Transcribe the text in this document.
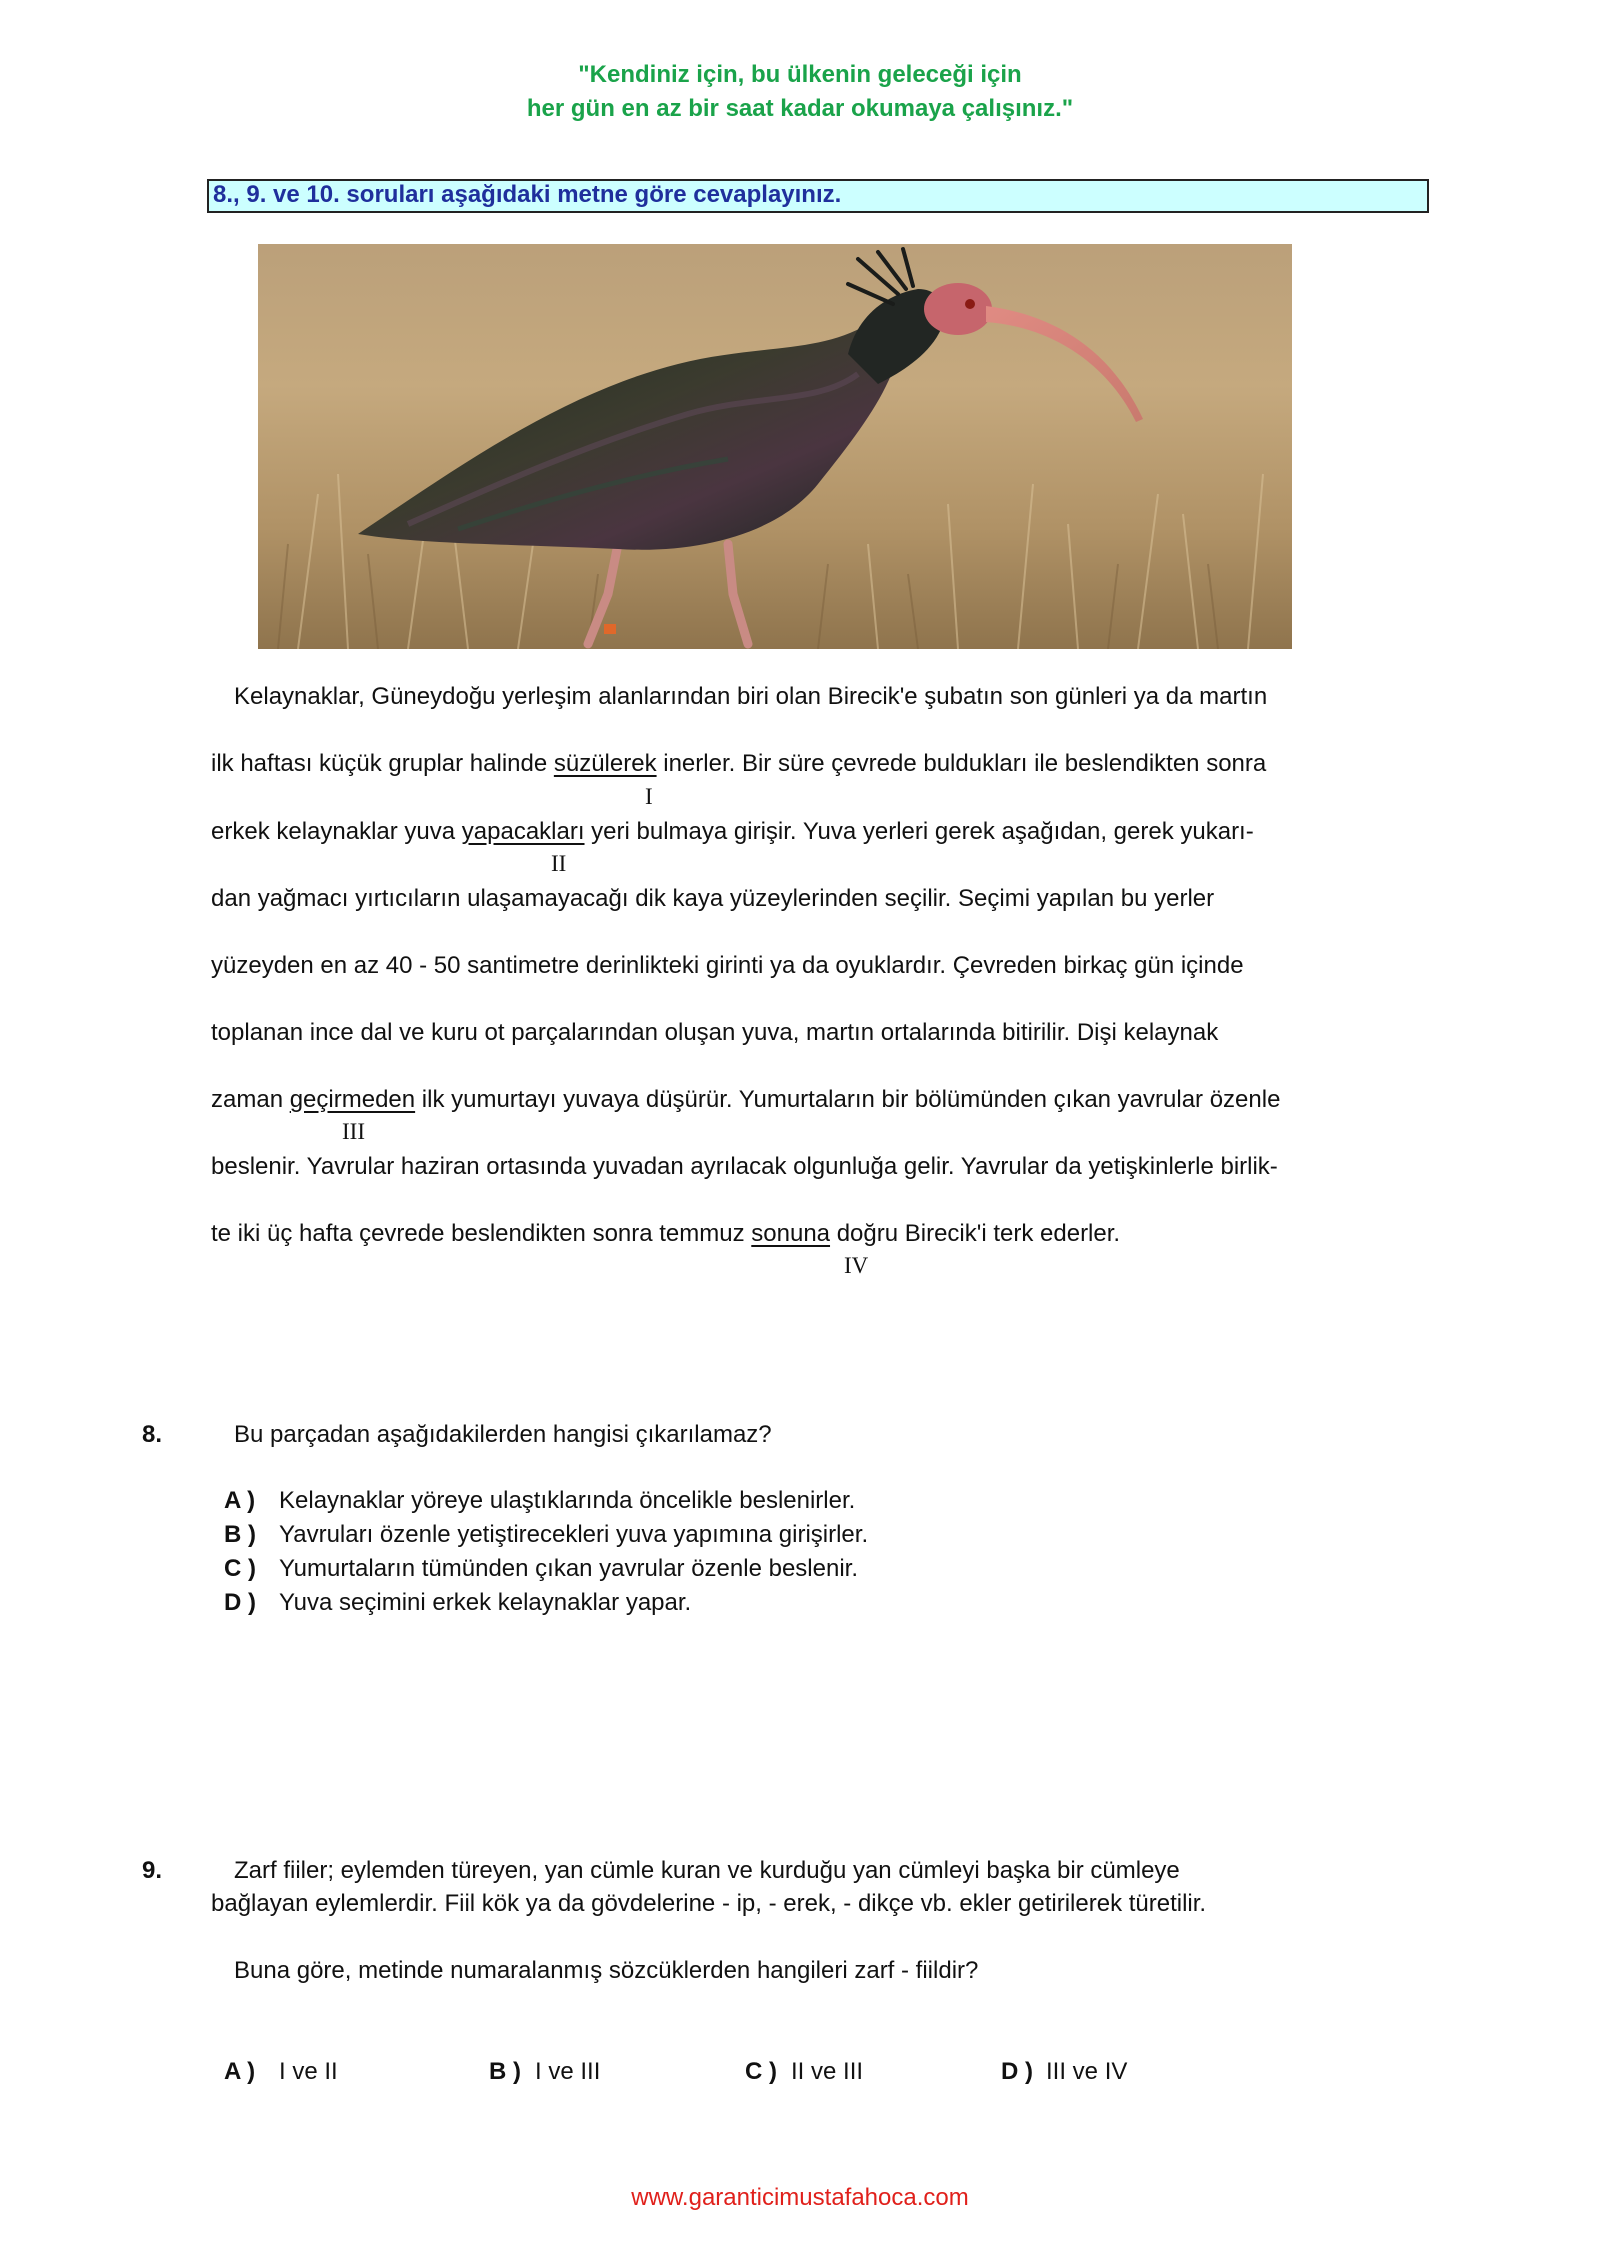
"Kendiniz için, bu ülkenin geleceği için
her gün en az bir saat kadar okumaya çalışınız."
8., 9. ve 10. soruları aşağıdaki metne göre cevaplayınız.
Kelaynaklar, Güneydoğu yerleşim alanlarından biri olan Birecik'e şubatın son günleri ya da martın
ilk haftası küçük gruplar halinde süzülerek inerler. Bir süre çevrede buldukları ile beslendikten sonra
I
erkek kelaynaklar yuva yapacakları yeri bulmaya girişir. Yuva yerleri gerek aşağıdan, gerek yukarı-
II
dan yağmacı yırtıcıların ulaşamayacağı dik kaya yüzeylerinden seçilir. Seçimi yapılan bu yerler
yüzeyden en az 40 - 50 santimetre derinlikteki girinti ya da oyuklardır. Çevreden birkaç gün içinde
toplanan ince dal ve kuru ot parçalarından oluşan yuva, martın ortalarında bitirilir. Dişi kelaynak
zaman geçirmeden ilk yumurtayı yuvaya düşürür. Yumurtaların bir bölümünden çıkan yavrular özenle
III
beslenir. Yavrular haziran ortasında yuvadan ayrılacak olgunluğa gelir. Yavrular da yetişkinlerle birlik-
te iki üç hafta çevrede beslendikten sonra temmuz sonuna doğru Birecik'i terk ederler.
IV
8.	Bu parçadan aşağıdakilerden hangisi çıkarılamaz?
A ) Kelaynaklar yöreye ulaştıklarında öncelikle beslenirler.
B ) Yavruları özenle yetiştirecekleri yuva yapımına girişirler.
C ) Yumurtaların tümünden çıkan yavrular özenle beslenir.
D ) Yuva seçimini erkek kelaynaklar yapar.
9.	Zarf fiiler; eylemden türeyen, yan cümle kuran ve kurduğu yan cümleyi başka bir cümleye
bağlayan eylemlerdir. Fiil kök ya da gövdelerine - ip, - erek, - dikçe vb. ekler getirilerek türetilir.
Buna göre, metinde numaralanmış sözcüklerden hangileri zarf - fiildir?
A ) I ve II	B ) I ve III	C ) II ve III	D ) III ve IV
www.garanticimustafahoca.com
